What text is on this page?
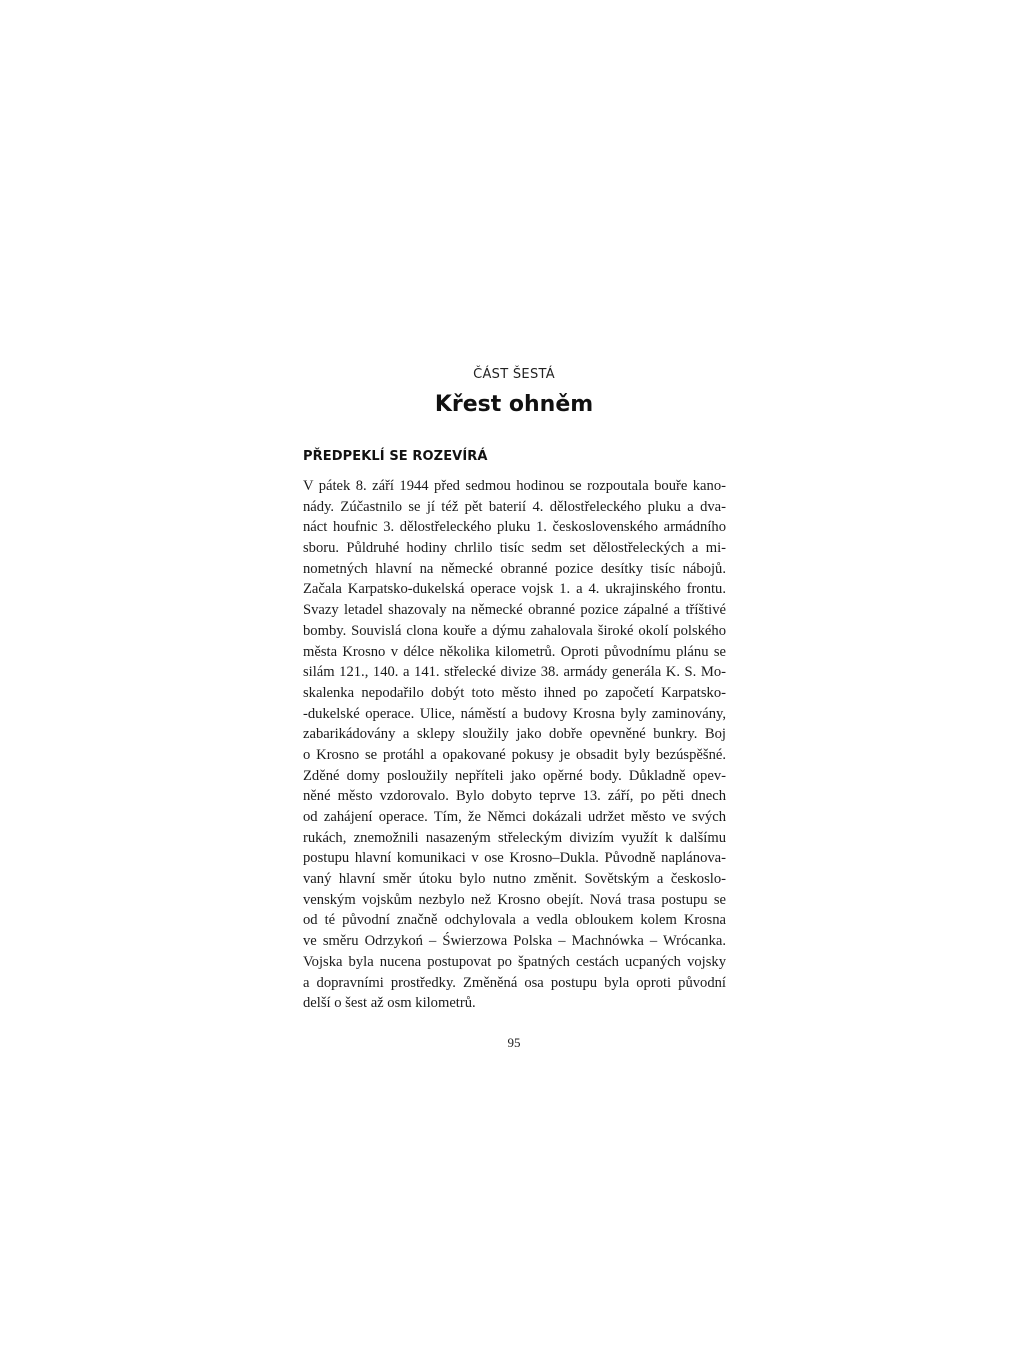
ČÁST ŠESTÁ
Křest ohněm
PŘEDPEKLÍ SE ROZEVÍRÁ
V pátek 8. září 1944 před sedmou hodinou se rozpoutala bouře kano-
nády. Zúčastnilo se jí též pět baterií 4. dělostřeleckého pluku a dva-
náct houfnic 3. dělostřeleckého pluku 1. československého armádního
sboru. Půldruhé hodiny chrlilo tisíc sedm set dělostřeleckých a mi-
nometných hlavní na německé obranné pozice desítky tisíc nábojů.
Začala Karpatsko-dukelská operace vojsk 1. a 4. ukrajinského frontu.
Svazy letadel shazovaly na německé obranné pozice zápalné a tříštivé
bomby. Souvislá clona kouře a dýmu zahalovala široké okolí polského
města Krosno v délce několika kilometrů. Oproti původnímu plánu se
silám 121., 140. a 141. střelecké divize 38. armády generála K. S. Mo-
skalenka nepodařilo dobýt toto město ihned po započetí Karpatsko-
-dukelské operace. Ulice, náměstí a budovy Krosna byly zaminovány,
zabarikádovány a sklepy sloužily jako dobře opevněné bunkry. Boj
o Krosno se protáhl a opakované pokusy je obsadit byly bezúspěšné.
Zděné domy posloužily nepříteli jako opěrné body. Důkladně opev-
něné město vzdorovalo. Bylo dobyto teprve 13. září, po pěti dnech
od zahájení operace. Tím, že Němci dokázali udržet město ve svých
rukách, znemožnili nasazeným střeleckým divizím využít k dalšímu
postupu hlavní komunikaci v ose Krosno–Dukla. Původně naplánova-
vaný hlavní směr útoku bylo nutno změnit. Sovětským a českoslo-
venským vojskům nezbylo než Krosno obejít. Nová trasa postupu se
od té původní značně odchylovala a vedla obloukem kolem Krosna
ve směru Odrzykoń – Świerzowa Polska – Machnówka – Wrócanka.
Vojska byla nucena postupovat po špatných cestách ucpaných vojsky
a dopravními prostředky. Změněná osa postupu byla oproti původní
delší o šest až osm kilometrů.
95
